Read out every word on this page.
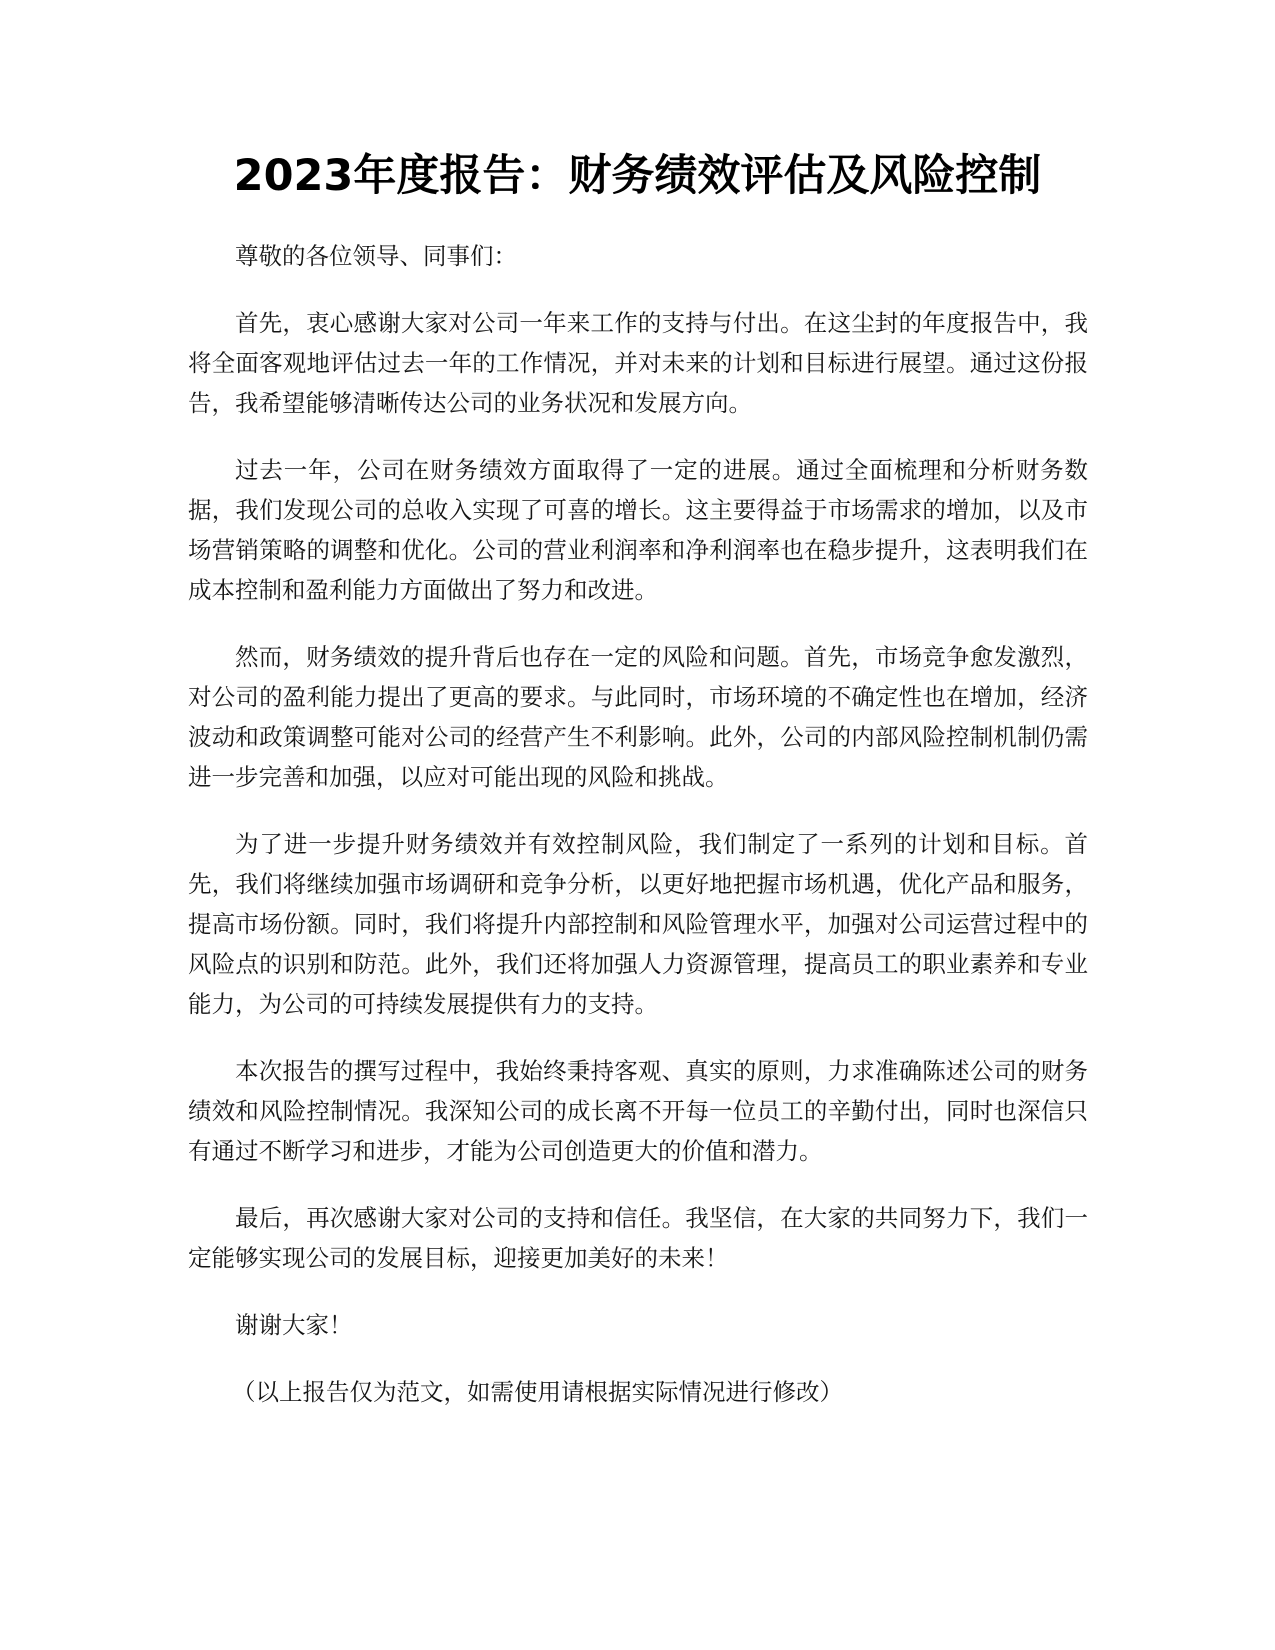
2023年度报告：财务绩效评估及风险控制

尊敬的各位领导、同事们：

首先，衷心感谢大家对公司一年来工作的支持与付出。在这尘封的年度报告中，我将全面客观地评估过去一年的工作情况，并对未来的计划和目标进行展望。通过这份报告，我希望能够清晰传达公司的业务状况和发展方向。

过去一年，公司在财务绩效方面取得了一定的进展。通过全面梳理和分析财务数据，我们发现公司的总收入实现了可喜的增长。这主要得益于市场需求的增加，以及市场营销策略的调整和优化。公司的营业利润率和净利润率也在稳步提升，这表明我们在成本控制和盈利能力方面做出了努力和改进。

然而，财务绩效的提升背后也存在一定的风险和问题。首先，市场竞争愈发激烈，对公司的盈利能力提出了更高的要求。与此同时，市场环境的不确定性也在增加，经济波动和政策调整可能对公司的经营产生不利影响。此外，公司的内部风险控制机制仍需进一步完善和加强，以应对可能出现的风险和挑战。

为了进一步提升财务绩效并有效控制风险，我们制定了一系列的计划和目标。首先，我们将继续加强市场调研和竞争分析，以更好地把握市场机遇，优化产品和服务，提高市场份额。同时，我们将提升内部控制和风险管理水平，加强对公司运营过程中的风险点的识别和防范。此外，我们还将加强人力资源管理，提高员工的职业素养和专业能力，为公司的可持续发展提供有力的支持。

本次报告的撰写过程中，我始终秉持客观、真实的原则，力求准确陈述公司的财务绩效和风险控制情况。我深知公司的成长离不开每一位员工的辛勤付出，同时也深信只有通过不断学习和进步，才能为公司创造更大的价值和潜力。

最后，再次感谢大家对公司的支持和信任。我坚信，在大家的共同努力下，我们一定能够实现公司的发展目标，迎接更加美好的未来！

谢谢大家！

（以上报告仅为范文，如需使用请根据实际情况进行修改）
